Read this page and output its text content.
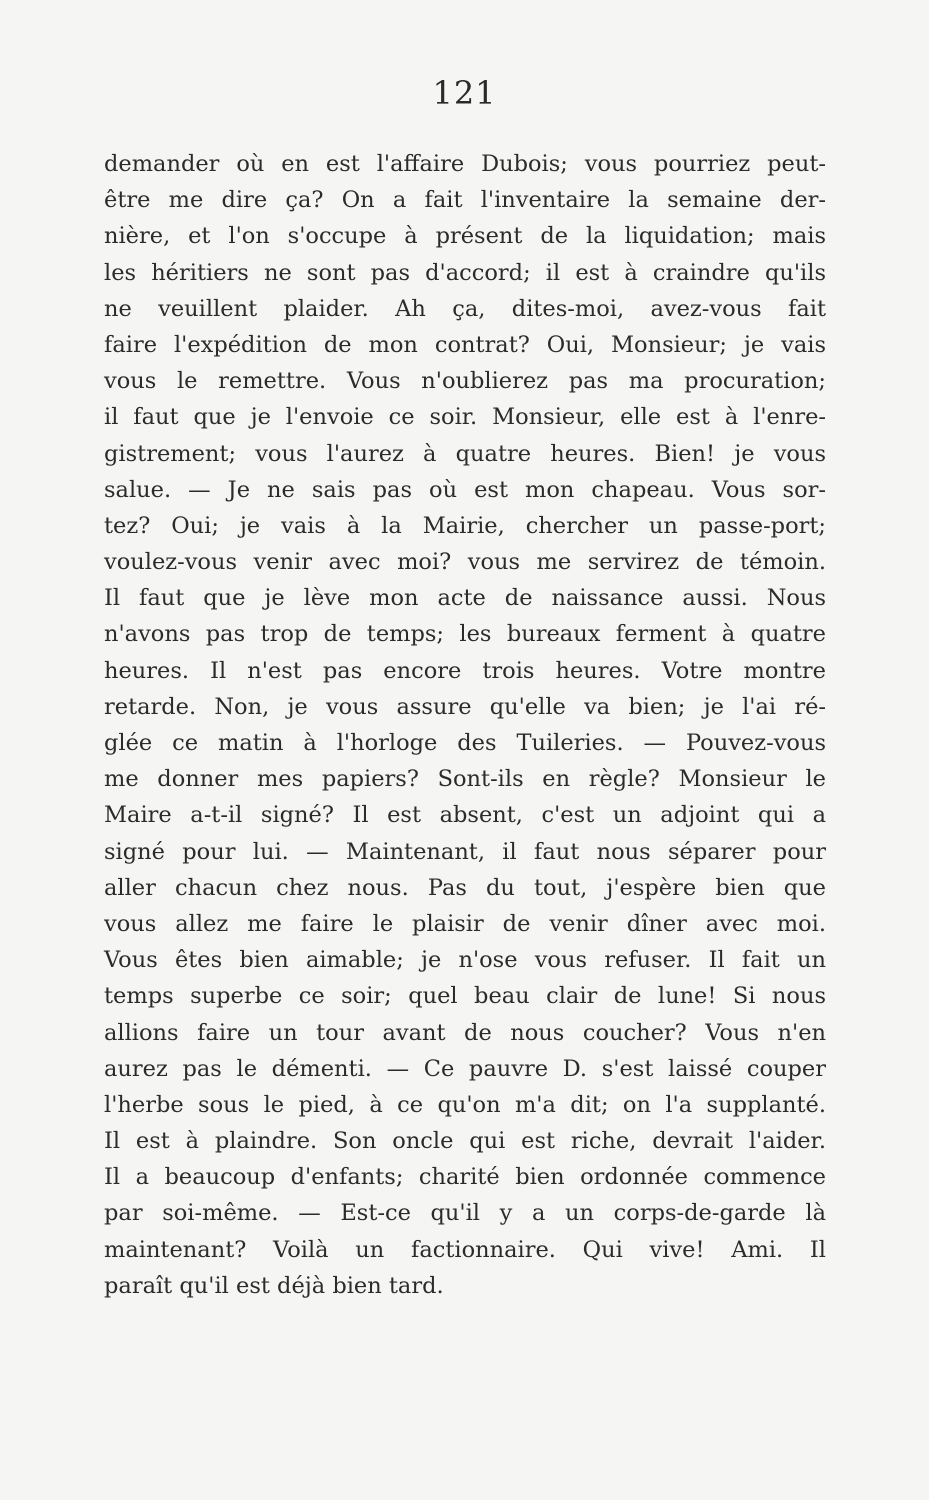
121
demander où en est l'affaire Dubois; vous pourriez peut-
être me dire ça? On a fait l'inventaire la semaine der-
nière, et l'on s'occupe à présent de la liquidation; mais
les héritiers ne sont pas d'accord; il est à craindre qu'ils
ne veuillent plaider. Ah ça, dites-moi, avez-vous fait
faire l'expédition de mon contrat? Oui, Monsieur; je vais
vous le remettre. Vous n'oublierez pas ma procuration;
il faut que je l'envoie ce soir. Monsieur, elle est à l'enre-
gistrement; vous l'aurez à quatre heures. Bien! je vous
salue. — Je ne sais pas où est mon chapeau. Vous sor-
tez? Oui; je vais à la Mairie, chercher un passe-port;
voulez-vous venir avec moi? vous me servirez de témoin.
Il faut que je lève mon acte de naissance aussi. Nous
n'avons pas trop de temps; les bureaux ferment à quatre
heures. Il n'est pas encore trois heures. Votre montre
retarde. Non, je vous assure qu'elle va bien; je l'ai ré-
glée ce matin à l'horloge des Tuileries. — Pouvez-vous
me donner mes papiers? Sont-ils en règle? Monsieur le
Maire a-t-il signé? Il est absent, c'est un adjoint qui a
signé pour lui. — Maintenant, il faut nous séparer pour
aller chacun chez nous. Pas du tout, j'espère bien que
vous allez me faire le plaisir de venir dîner avec moi.
Vous êtes bien aimable; je n'ose vous refuser. Il fait un
temps superbe ce soir; quel beau clair de lune! Si nous
allions faire un tour avant de nous coucher? Vous n'en
aurez pas le démenti. — Ce pauvre D. s'est laissé couper
l'herbe sous le pied, à ce qu'on m'a dit; on l'a supplanté.
Il est à plaindre. Son oncle qui est riche, devrait l'aider.
Il a beaucoup d'enfants; charité bien ordonnée commence
par soi-même. — Est-ce qu'il y a un corps-de-garde là
maintenant? Voilà un factionnaire. Qui vive! Ami. Il
paraît qu'il est déjà bien tard.
